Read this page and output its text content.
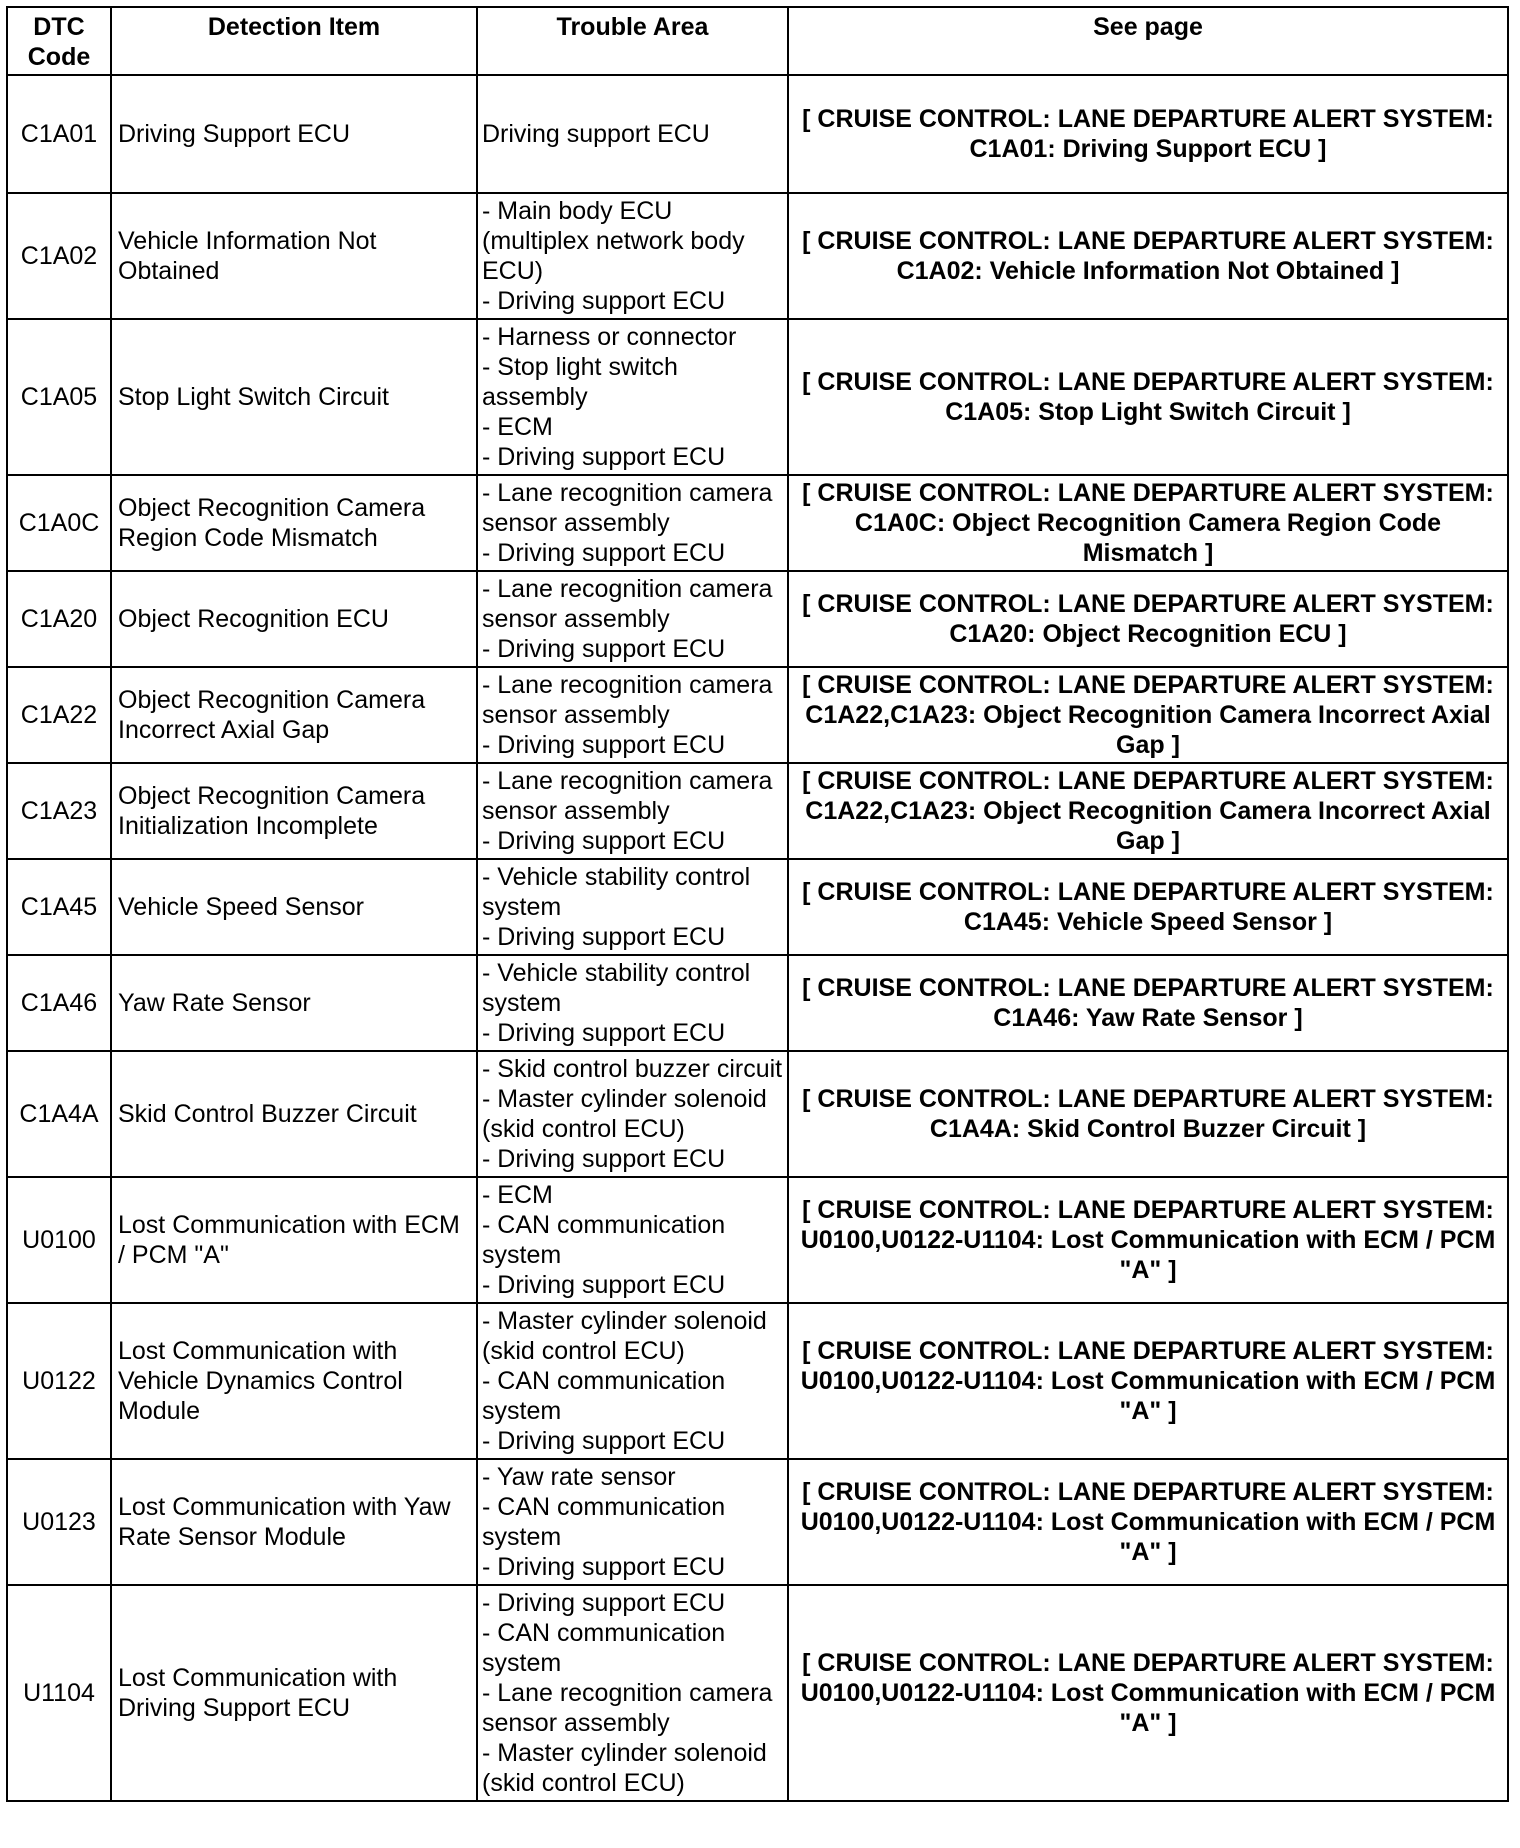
DTC
Code	Detection Item	Trouble Area	See page
C1A01	Driving Support ECU	Driving support ECU	[ CRUISE CONTROL: LANE DEPARTURE ALERT SYSTEM: C1A01: Driving Support ECU ]
C1A02	Vehicle Information Not Obtained	- Main body ECU (multiplex network body ECU)
- Driving support ECU	[ CRUISE CONTROL: LANE DEPARTURE ALERT SYSTEM: C1A02: Vehicle Information Not Obtained ]
C1A05	Stop Light Switch Circuit	- Harness or connector
- Stop light switch assembly
- ECM
- Driving support ECU	[ CRUISE CONTROL: LANE DEPARTURE ALERT SYSTEM: C1A05: Stop Light Switch Circuit ]
C1A0C	Object Recognition Camera Region Code Mismatch	- Lane recognition camera sensor assembly
- Driving support ECU	[ CRUISE CONTROL: LANE DEPARTURE ALERT SYSTEM: C1A0C: Object Recognition Camera Region Code Mismatch ]
C1A20	Object Recognition ECU	- Lane recognition camera sensor assembly
- Driving support ECU	[ CRUISE CONTROL: LANE DEPARTURE ALERT SYSTEM: C1A20: Object Recognition ECU ]
C1A22	Object Recognition Camera Incorrect Axial Gap	- Lane recognition camera sensor assembly
- Driving support ECU	[ CRUISE CONTROL: LANE DEPARTURE ALERT SYSTEM: C1A22,C1A23: Object Recognition Camera Incorrect Axial Gap ]
C1A23	Object Recognition Camera Initialization Incomplete	- Lane recognition camera sensor assembly
- Driving support ECU	[ CRUISE CONTROL: LANE DEPARTURE ALERT SYSTEM: C1A22,C1A23: Object Recognition Camera Incorrect Axial Gap ]
C1A45	Vehicle Speed Sensor	- Vehicle stability control system
- Driving support ECU	[ CRUISE CONTROL: LANE DEPARTURE ALERT SYSTEM: C1A45: Vehicle Speed Sensor ]
C1A46	Yaw Rate Sensor	- Vehicle stability control system
- Driving support ECU	[ CRUISE CONTROL: LANE DEPARTURE ALERT SYSTEM: C1A46: Yaw Rate Sensor ]
C1A4A	Skid Control Buzzer Circuit	- Skid control buzzer circuit
- Master cylinder solenoid (skid control ECU)
- Driving support ECU	[ CRUISE CONTROL: LANE DEPARTURE ALERT SYSTEM: C1A4A: Skid Control Buzzer Circuit ]
U0100	Lost Communication with ECM / PCM "A"	- ECM
- CAN communication system
- Driving support ECU	[ CRUISE CONTROL: LANE DEPARTURE ALERT SYSTEM: U0100,U0122-U1104: Lost Communication with ECM / PCM "A" ]
U0122	Lost Communication with Vehicle Dynamics Control Module	- Master cylinder solenoid (skid control ECU)
- CAN communication system
- Driving support ECU	[ CRUISE CONTROL: LANE DEPARTURE ALERT SYSTEM: U0100,U0122-U1104: Lost Communication with ECM / PCM "A" ]
U0123	Lost Communication with Yaw Rate Sensor Module	- Yaw rate sensor
- CAN communication system
- Driving support ECU	[ CRUISE CONTROL: LANE DEPARTURE ALERT SYSTEM: U0100,U0122-U1104: Lost Communication with ECM / PCM "A" ]
U1104	Lost Communication with Driving Support ECU	- Driving support ECU
- CAN communication system
- Lane recognition camera sensor assembly
- Master cylinder solenoid (skid control ECU)	[ CRUISE CONTROL: LANE DEPARTURE ALERT SYSTEM: U0100,U0122-U1104: Lost Communication with ECM / PCM "A" ]
